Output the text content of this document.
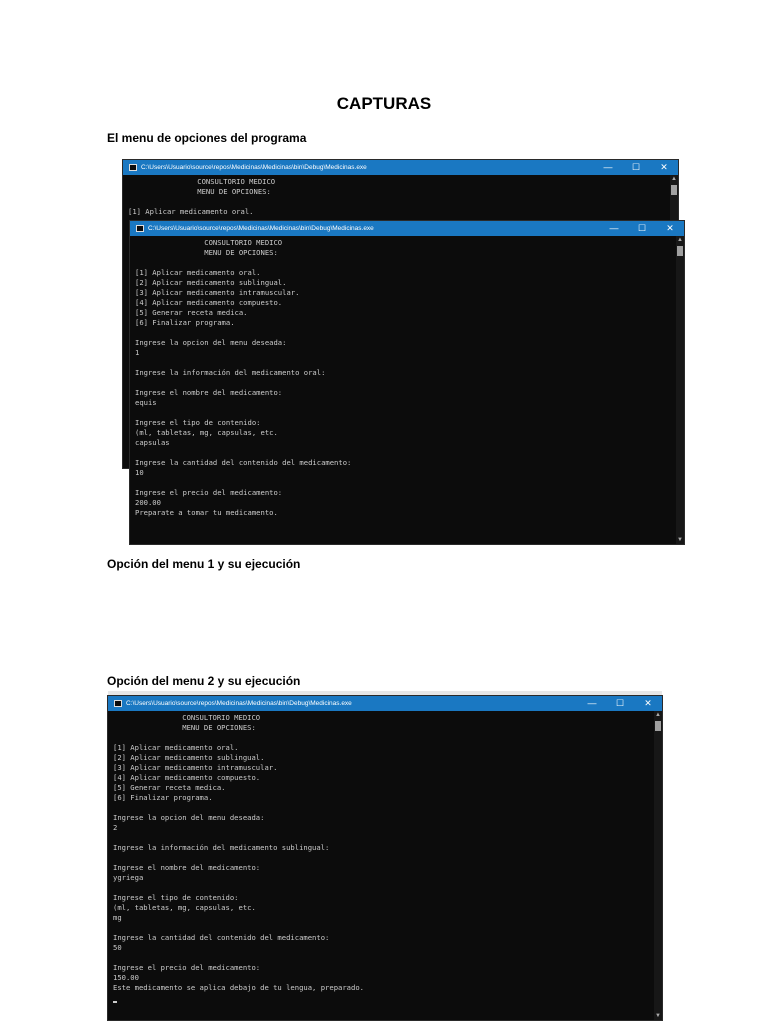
CAPTURAS
El menu de opciones del programa
C:\Users\Usuario\source\repos\Medicinas\Medicinas\bin\Debug\Medicinas.exe	—	☐	✕
CONSULTORIO MEDICO
MENU DE OPCIONES:
[1] Aplicar medicamento oral.
▲
C:\Users\Usuario\source\repos\Medicinas\Medicinas\bin\Debug\Medicinas.exe	—	☐	✕
CONSULTORIO MEDICO
MENU DE OPCIONES:
[1] Aplicar medicamento oral.
[2] Aplicar medicamento sublingual.
[3] Aplicar medicamento intramuscular.
[4] Aplicar medicamento compuesto.
[5] Generar receta medica.
[6] Finalizar programa.
Ingrese la opcion del menu deseada:
1
Ingrese la información del medicamento oral:
Ingrese el nombre del medicamento:
equis
Ingrese el tipo de contenido:
(ml, tabletas, mg, capsulas, etc.
capsulas
Ingrese la cantidad del contenido del medicamento:
10
Ingrese el precio del medicamento:
200.00
Preparate a tomar tu medicamento.
▲
▼
Opción del menu 1 y su ejecución
Opción del menu 2 y su ejecución
C:\Users\Usuario\source\repos\Medicinas\Medicinas\bin\Debug\Medicinas.exe	—	☐	✕
CONSULTORIO MEDICO
MENU DE OPCIONES:
[1] Aplicar medicamento oral.
[2] Aplicar medicamento sublingual.
[3] Aplicar medicamento intramuscular.
[4] Aplicar medicamento compuesto.
[5] Generar receta medica.
[6] Finalizar programa.
Ingrese la opcion del menu deseada:
2
Ingrese la información del medicamento sublingual:
Ingrese el nombre del medicamento:
ygriega
Ingrese el tipo de contenido:
(ml, tabletas, mg, capsulas, etc.
mg
Ingrese la cantidad del contenido del medicamento:
50
Ingrese el precio del medicamento:
150.00
Este medicamento se aplica debajo de tu lengua, preparado.
▲
▼
